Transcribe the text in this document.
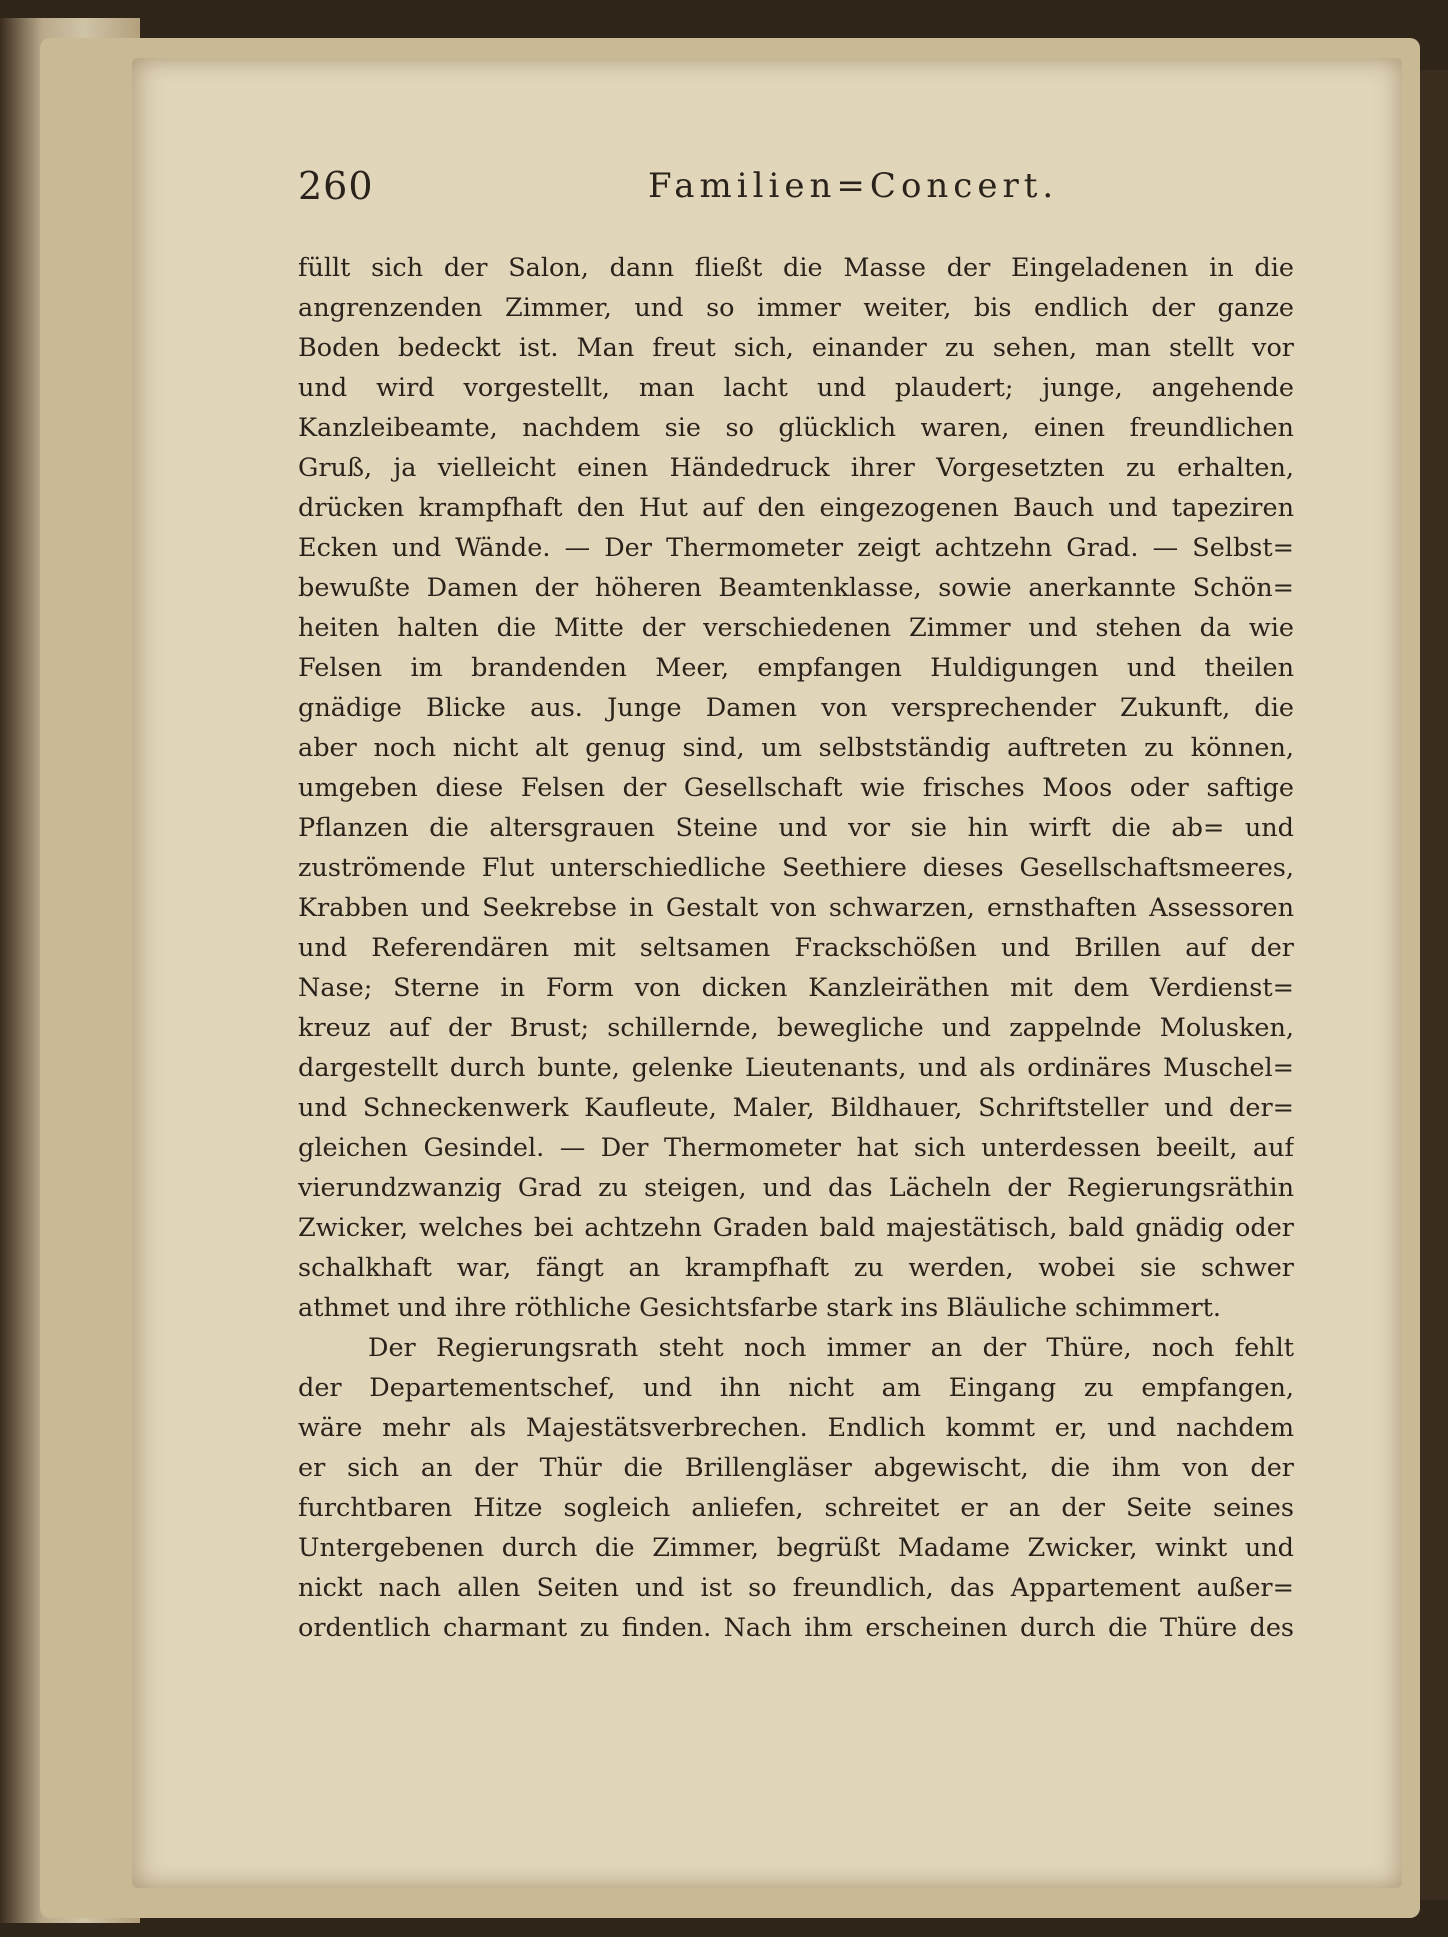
260	Familien=Concert.
füllt sich der Salon, dann fließt die Masse der Eingeladenen in die
angrenzenden Zimmer, und so immer weiter, bis endlich der ganze
Boden bedeckt ist. Man freut sich, einander zu sehen, man stellt vor
und wird vorgestellt, man lacht und plaudert; junge, angehende
Kanzleibeamte, nachdem sie so glücklich waren, einen freundlichen
Gruß, ja vielleicht einen Händedruck ihrer Vorgesetzten zu erhalten,
drücken krampfhaft den Hut auf den eingezogenen Bauch und tapeziren
Ecken und Wände. — Der Thermometer zeigt achtzehn Grad. — Selbst=
bewußte Damen der höheren Beamtenklasse, sowie anerkannte Schön=
heiten halten die Mitte der verschiedenen Zimmer und stehen da wie
Felsen im brandenden Meer, empfangen Huldigungen und theilen
gnädige Blicke aus. Junge Damen von versprechender Zukunft, die
aber noch nicht alt genug sind, um selbstständig auftreten zu können,
umgeben diese Felsen der Gesellschaft wie frisches Moos oder saftige
Pflanzen die altersgrauen Steine und vor sie hin wirft die ab= und
zuströmende Flut unterschiedliche Seethiere dieses Gesellschaftsmeeres,
Krabben und Seekrebse in Gestalt von schwarzen, ernsthaften Assessoren
und Referendären mit seltsamen Frackschößen und Brillen auf der
Nase; Sterne in Form von dicken Kanzleiräthen mit dem Verdienst=
kreuz auf der Brust; schillernde, bewegliche und zappelnde Molusken,
dargestellt durch bunte, gelenke Lieutenants, und als ordinäres Muschel=
und Schneckenwerk Kaufleute, Maler, Bildhauer, Schriftsteller und der=
gleichen Gesindel. — Der Thermometer hat sich unterdessen beeilt, auf
vierundzwanzig Grad zu steigen, und das Lächeln der Regierungsräthin
Zwicker, welches bei achtzehn Graden bald majestätisch, bald gnädig oder
schalkhaft war, fängt an krampfhaft zu werden, wobei sie schwer
athmet und ihre röthliche Gesichtsfarbe stark ins Bläuliche schimmert.
Der Regierungsrath steht noch immer an der Thüre, noch fehlt
der Departementschef, und ihn nicht am Eingang zu empfangen,
wäre mehr als Majestätsverbrechen. Endlich kommt er, und nachdem
er sich an der Thür die Brillengläser abgewischt, die ihm von der
furchtbaren Hitze sogleich anliefen, schreitet er an der Seite seines
Untergebenen durch die Zimmer, begrüßt Madame Zwicker, winkt und
nickt nach allen Seiten und ist so freundlich, das Appartement außer=
ordentlich charmant zu finden. Nach ihm erscheinen durch die Thüre des
